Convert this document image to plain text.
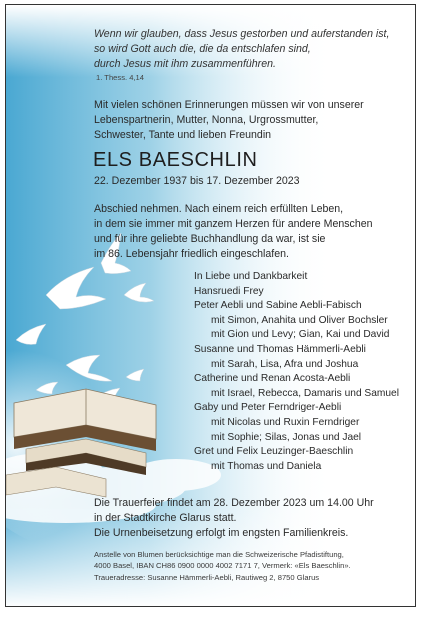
Wenn wir glauben, dass Jesus gestorben und auferstanden ist,
so wird Gott auch die, die da entschlafen sind,
durch Jesus mit ihm zusammenführen.
1. Thess. 4,14
Mit vielen schönen Erinnerungen müssen wir von unserer
Lebenspartnerin, Mutter, Nonna, Urgrossmutter,
Schwester, Tante und lieben Freundin
ELS BAESCHLIN
22. Dezember 1937 bis 17. Dezember 2023
Abschied nehmen. Nach einem reich erfüllten Leben,
in dem sie immer mit ganzem Herzen für andere Menschen
und für ihre geliebte Buchhandlung da war, ist sie
im 86. Lebensjahr friedlich eingeschlafen.
In Liebe und Dankbarkeit
Hansruedi Frey
Peter Aebli und Sabine Aebli-Fabisch
mit Simon, Anahita und Oliver Bochsler
mit Gion und Levy; Gian, Kai und David
Susanne und Thomas Hämmerli-Aebli
mit Sarah, Lisa, Afra und Joshua
Catherine und Renan Acosta-Aebli
mit Israel, Rebecca, Damaris und Samuel
Gaby und Peter Ferndriger-Aebli
mit Nicolas und Ruxin Ferndriger
mit Sophie; Silas, Jonas und Jael
Gret und Felix Leuzinger-Baeschlin
mit Thomas und Daniela
Die Trauerfeier findet am 28. Dezember 2023 um 14.00 Uhr
in der Stadtkirche Glarus statt.
Die Urnenbeisetzung erfolgt im engsten Familienkreis.
Anstelle von Blumen berücksichtige man die Schweizerische Pfadistiftung,
4000 Basel, IBAN CH86 0900 0000 4002 7171 7, Vermerk: «Els Baeschlin».
Traueradresse: Susanne Hämmerli-Aebli, Rautiweg 2, 8750 Glarus
